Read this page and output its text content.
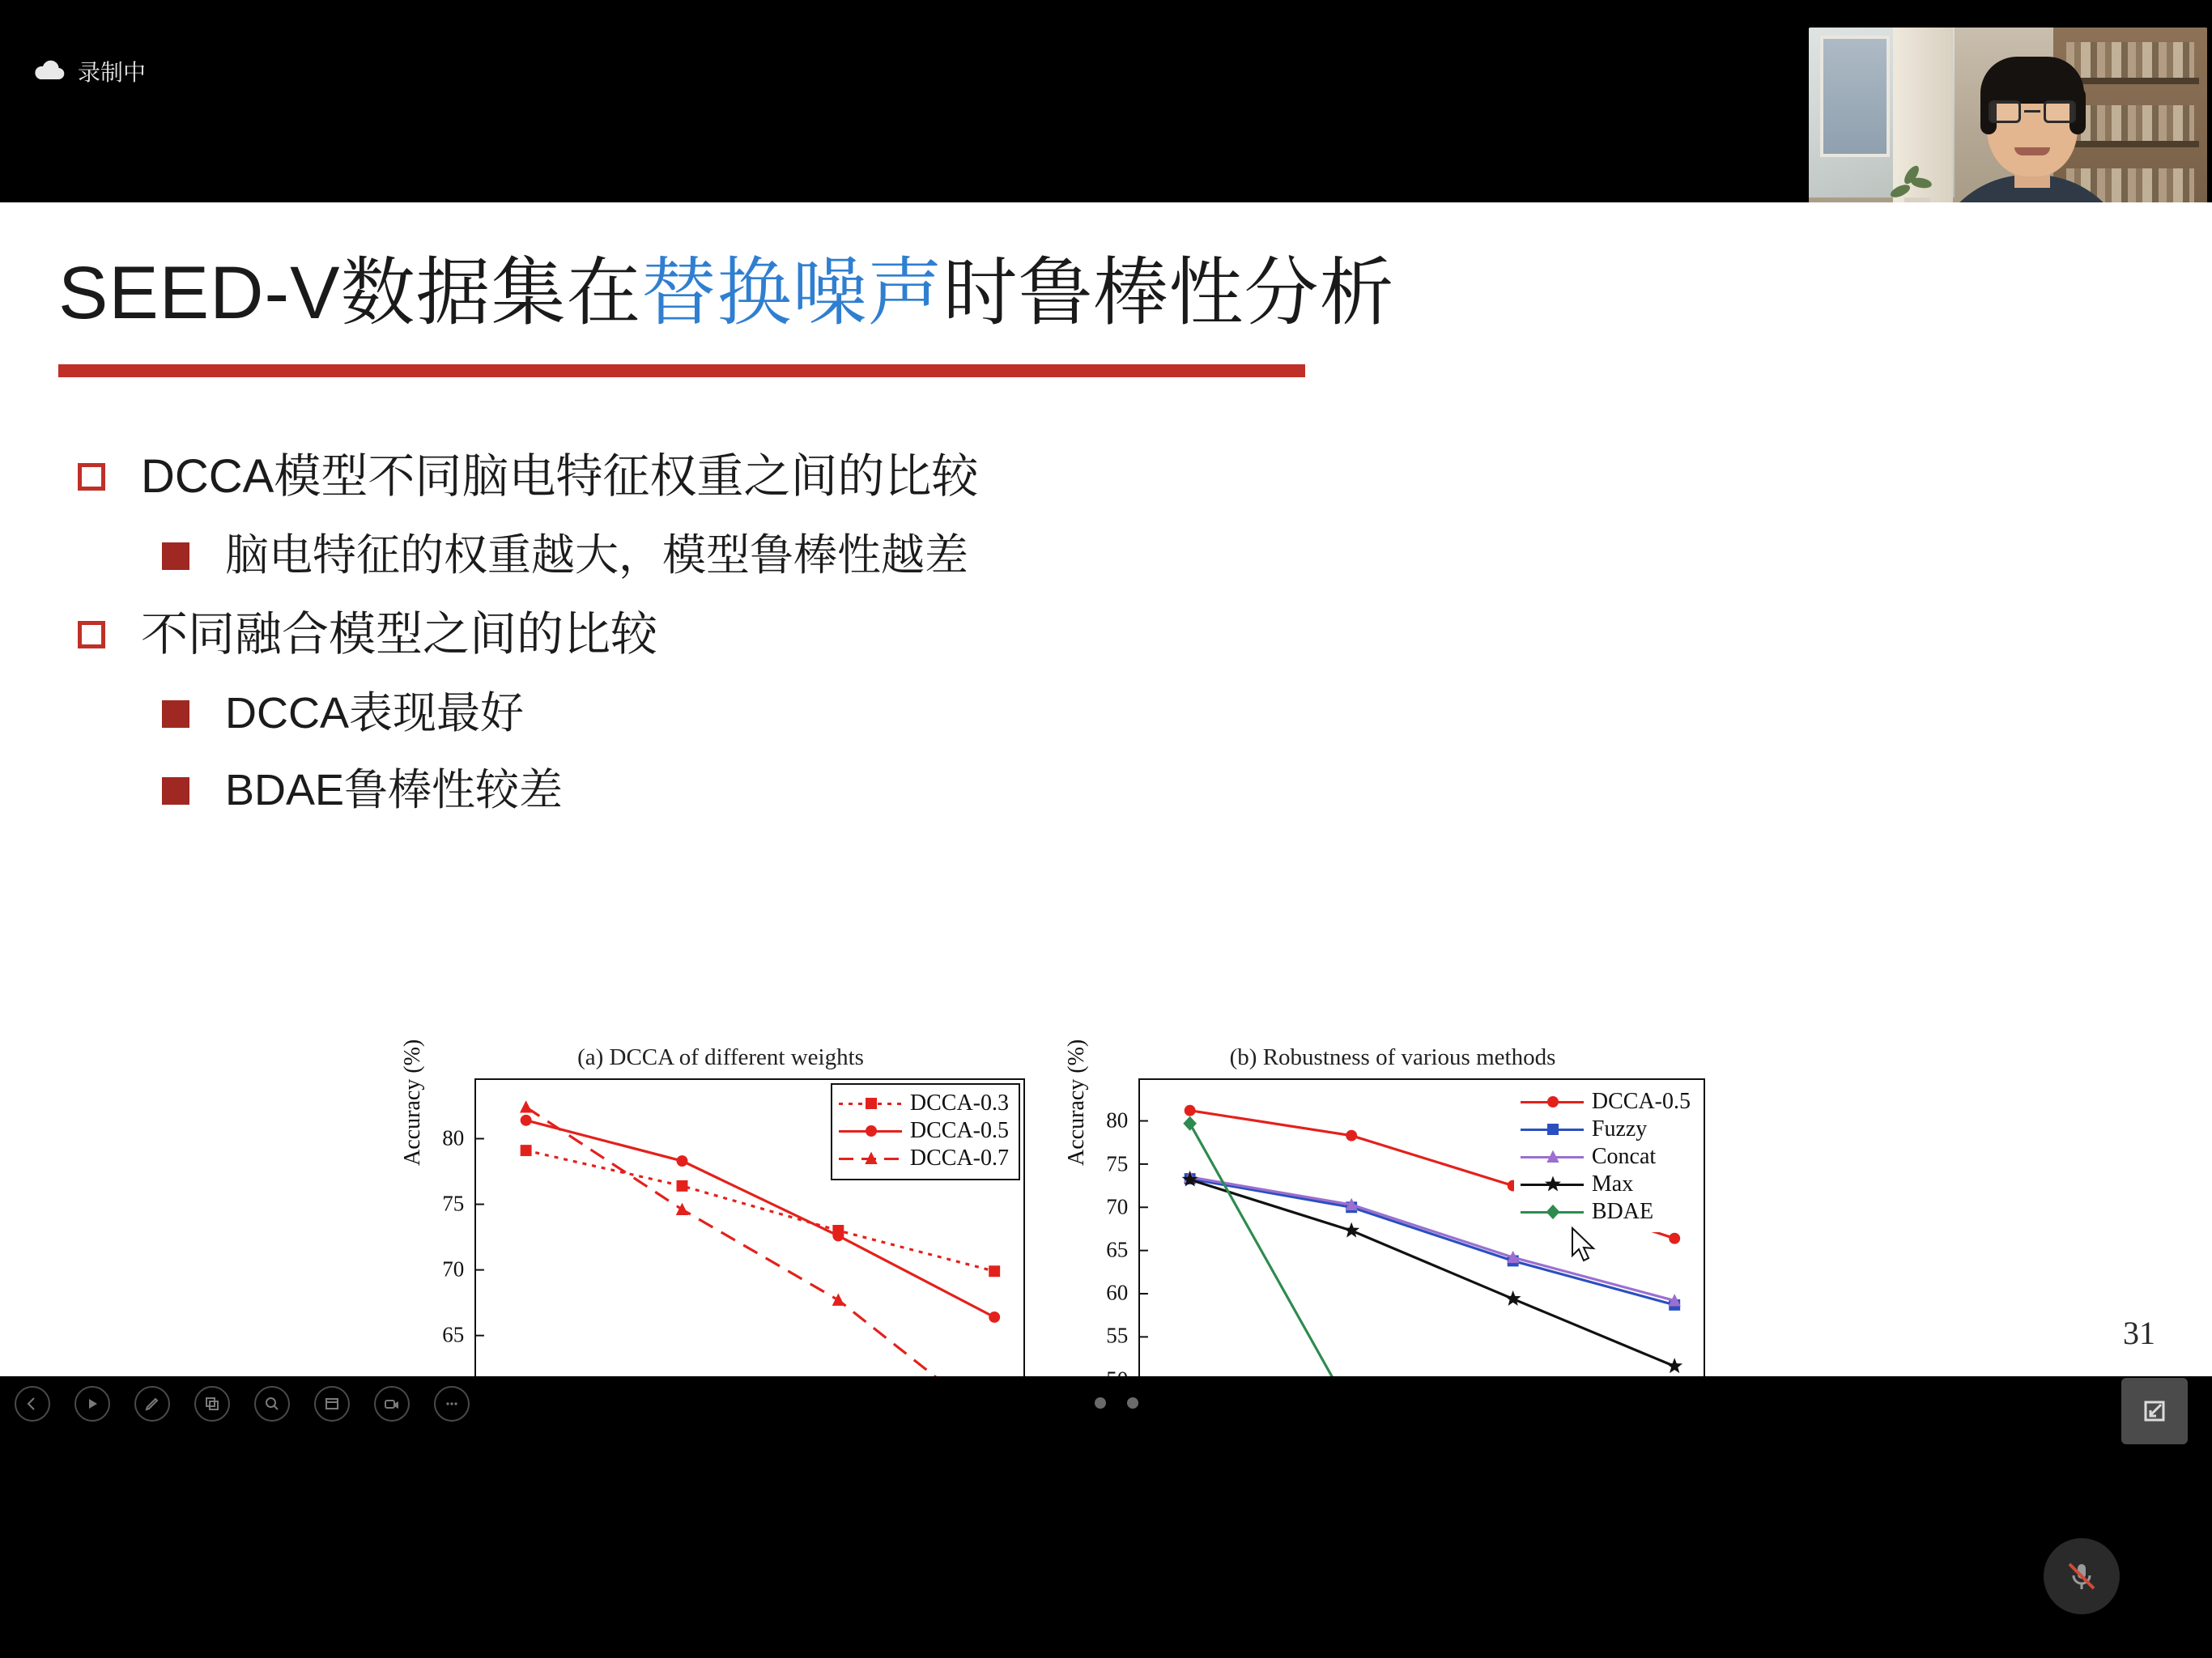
录制中
SEED-V数据集在替换噪声时鲁棒性分析
DCCA模型不同脑电特征权重之间的比较
脑电特征的权重越大，模型鲁棒性越差
不同融合模型之间的比较
DCCA表现最好
BDAE鲁棒性较差
(a) DCCA of different weights
Accuracy (%)	DCCA-0.3
DCCA-0.5
DCCA-0.7
65
70
75
80
(b) Robustness of various methods
Accuracy (%)	DCCA-0.5
Fuzzy
Concat
Max
BDAE
55
60
65
70
75
80
31
